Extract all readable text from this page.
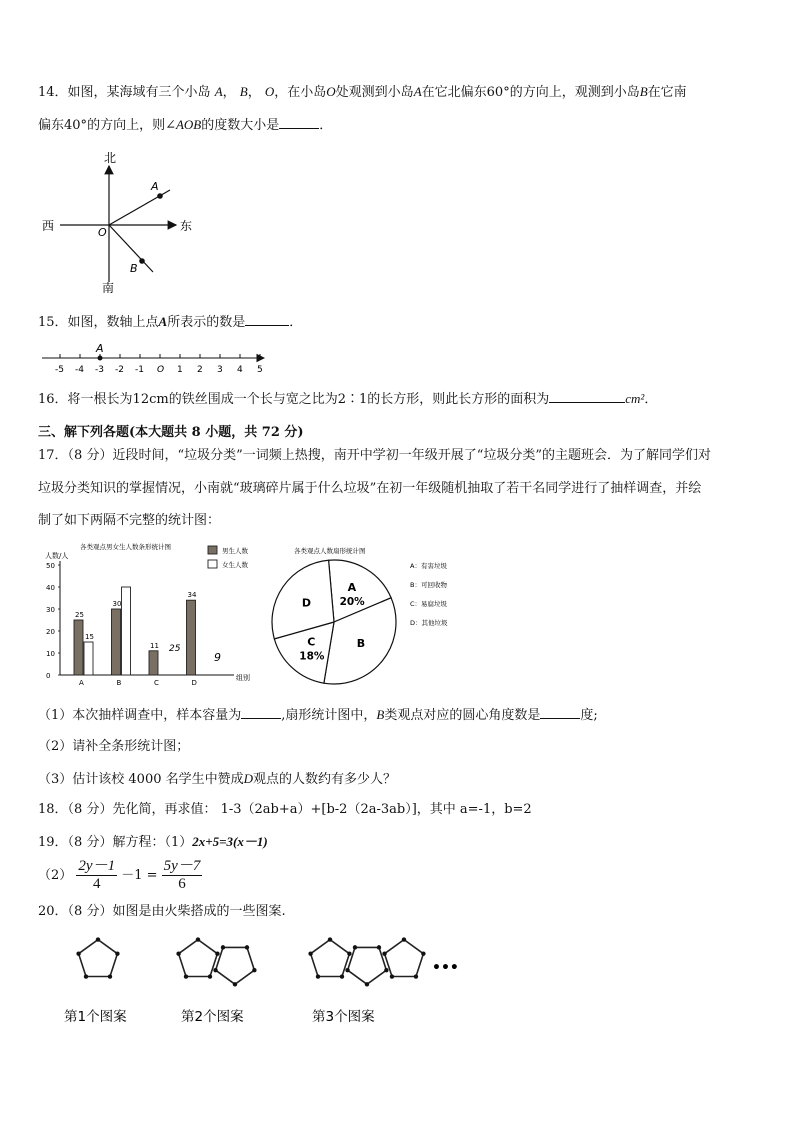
14．如图，某海域有三个小岛 A， B， O，在小岛O处观测到小岛A在它北偏东60°的方向上，观测到小岛B在它南
偏东40°的方向上，则∠AOB的度数大小是	．
北
南
西	东
A
B
O
15．如图，数轴上点A所表示的数是	．
-5 -4 -3 -2 -1 O 1 2 3 4 5
A
16．将一根长为12cm的铁丝围成一个长与宽之比为2∶1的长方形，则此长方形的面积为	cm²．
三、解下列各题(本大题共 8 小题，共 72 分)
17．（8 分）近段时间，“垃圾分类”一词频上热搜，南开中学初一年级开展了“垃圾分类”的主题班会．为了解同学们对
垃圾分类知识的掌握情况，小南就“玻璃碎片属于什么垃圾”在初一年级随机抽取了若干名同学进行了抽样调查，并绘
制了如下两隔不完整的统计图：
各类观点男女生人数条形统计图
人数/人
组别
男生人数
女生人数
0
10
20
30
40
50
A	B	C	D
25
15
30
11
34
25
9
各类观点人数扇形统计图
A
20%
B
C
18%
D
A：有害垃圾
B：可回收物
C：易腐垃圾
D：其他垃圾
（1）本次抽样调查中，样本容量为	,扇形统计图中，B类观点对应的圆心角度数是	度;
（2）请补全条形统计图；
（3）估计该校 4000 名学生中赞成D观点的人数约有多少人？
18．（8 分）先化简，再求值： 1-3（2ab+a）+[b-2（2a-3ab）]，其中 a=-1，b=2
19．（8 分）解方程：（1）2x+5=3(x－1)
$(2) \frac{2y-1}{4} -1 = \frac{5y-7}{6}$
20．（8 分）如图是由火柴搭成的一些图案.
第1个图案	第2个图案	第3个图案
•••
